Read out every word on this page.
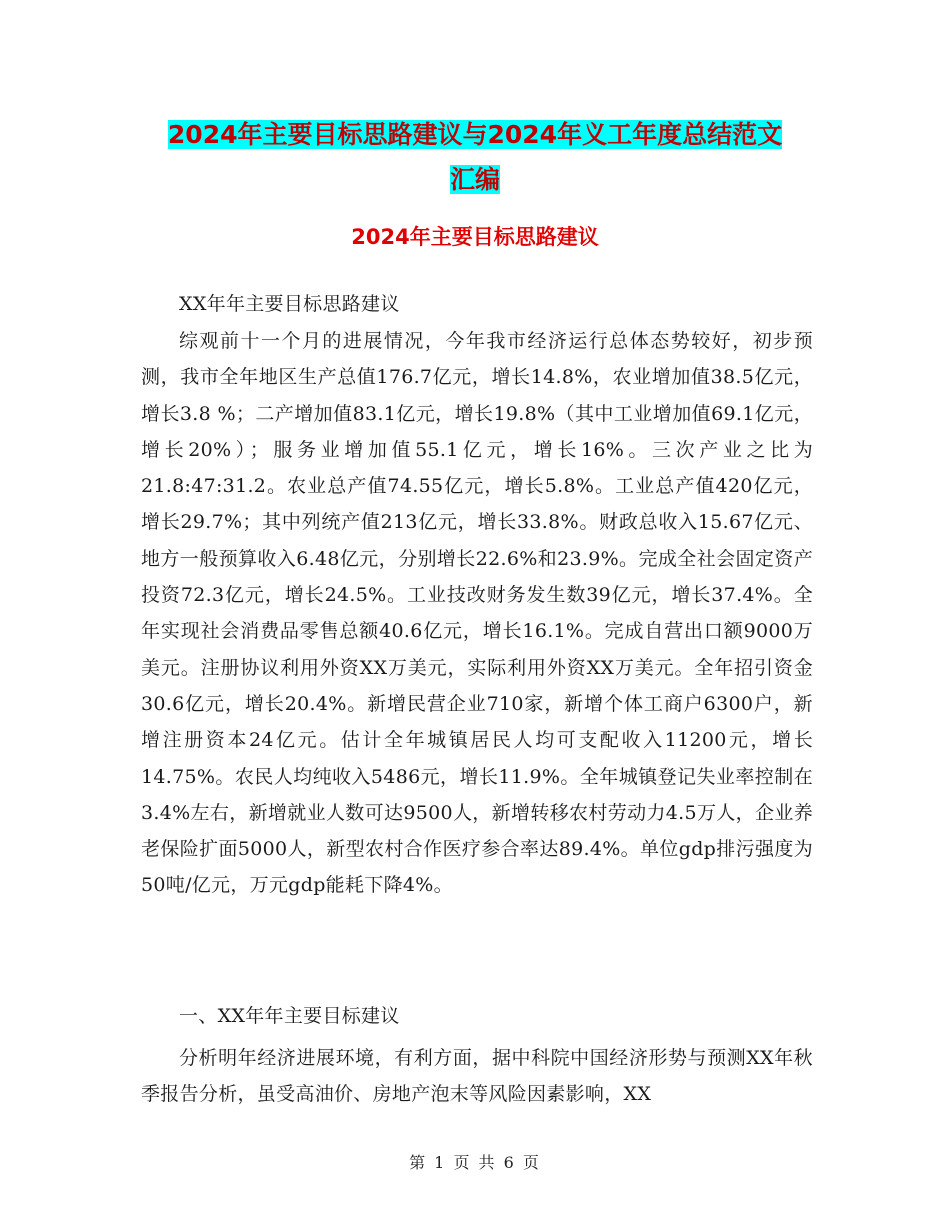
2024年主要目标思路建议与2024年义工年度总结范文
汇编
2024年主要目标思路建议

XX年年主要目标思路建议

综观前十一个月的进展情况，今年我市经济运行总体态势较好，初步预测，我市全年地区生产总值176.7亿元，增长14.8%，农业增加值38.5亿元，增长3.8 %；二产增加值83.1亿元，增长19.8%（其中工业增加值69.1亿元，增长20%）；服务业增加值55.1亿元，增长16%。三次产业之比为21.8:47:31.2。农业总产值74.55亿元，增长5.8%。工业总产值420亿元，增长29.7%；其中列统产值213亿元，增长33.8%。财政总收入15.67亿元、地方一般预算收入6.48亿元，分别增长22.6%和23.9%。完成全社会固定资产投资72.3亿元，增长24.5%。工业技改财务发生数39亿元，增长37.4%。全年实现社会消费品零售总额40.6亿元，增长16.1%。完成自营出口额9000万美元。注册协议利用外资XX万美元，实际利用外资XX万美元。全年招引资金30.6亿元，增长20.4%。新增民营企业710家，新增个体工商户6300户，新增注册资本24亿元。估计全年城镇居民人均可支配收入11200元，增长14.75%。农民人均纯收入5486元，增长11.9%。全年城镇登记失业率控制在3.4%左右，新增就业人数可达9500人，新增转移农村劳动力4.5万人，企业养老保险扩面5000人，新型农村合作医疗参合率达89.4%。单位gdp排污强度为50吨/亿元，万元gdp能耗下降4%。

一、XX年年主要目标建议

分析明年经济进展环境，有利方面，据中科院中国经济形势与预测XX年秋季报告分析，虽受高油价、房地产泡末等风险因素影响，XX

第 1 页 共 6 页
